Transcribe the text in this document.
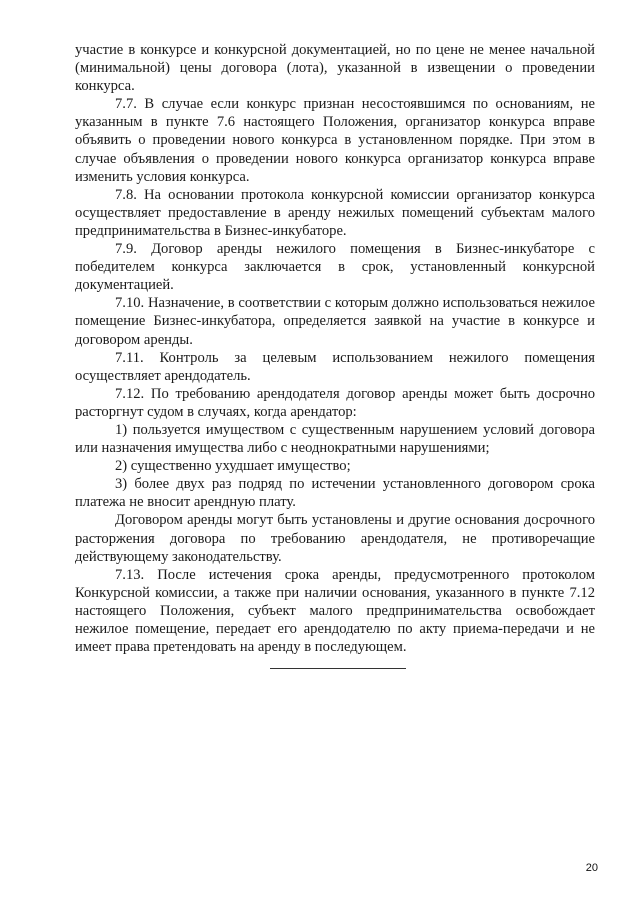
участие в конкурсе и конкурсной документацией, но по цене не менее начальной (минимальной) цены договора (лота), указанной в извещении о проведении конкурса.

7.7. В случае если конкурс признан несостоявшимся по основаниям, не указанным в пункте 7.6 настоящего Положения, организатор конкурса вправе объявить о проведении нового конкурса в установленном порядке. При этом в случае объявления о проведении нового конкурса организатор конкурса вправе изменить условия конкурса.

7.8. На основании протокола конкурсной комиссии организатор конкурса осуществляет предоставление в аренду нежилых помещений субъектам малого предпринимательства в Бизнес-инкубаторе.

7.9. Договор аренды нежилого помещения в Бизнес-инкубаторе с победителем конкурса заключается в срок, установленный конкурсной документацией.

7.10. Назначение, в соответствии с которым должно использоваться нежилое помещение Бизнес-инкубатора, определяется заявкой на участие в конкурсе и договором аренды.

7.11. Контроль за целевым использованием нежилого помещения осуществляет арендодатель.

7.12. По требованию арендодателя договор аренды может быть досрочно расторгнут судом в случаях, когда арендатор:

1) пользуется имуществом с существенным нарушением условий договора или назначения имущества либо с неоднократными нарушениями;

2) существенно ухудшает имущество;

3) более двух раз подряд по истечении установленного договором срока платежа не вносит арендную плату.

Договором аренды могут быть установлены и другие основания досрочного расторжения договора по требованию арендодателя, не противоречащие действующему законодательству.

7.13. После истечения срока аренды, предусмотренного протоколом Конкурсной комиссии, а также при наличии основания, указанного в пункте 7.12 настоящего Положения, субъект малого предпринимательства освобождает нежилое помещение, передает его арендодателю по акту приема-передачи и не имеет права претендовать на аренду в последующем.

20
